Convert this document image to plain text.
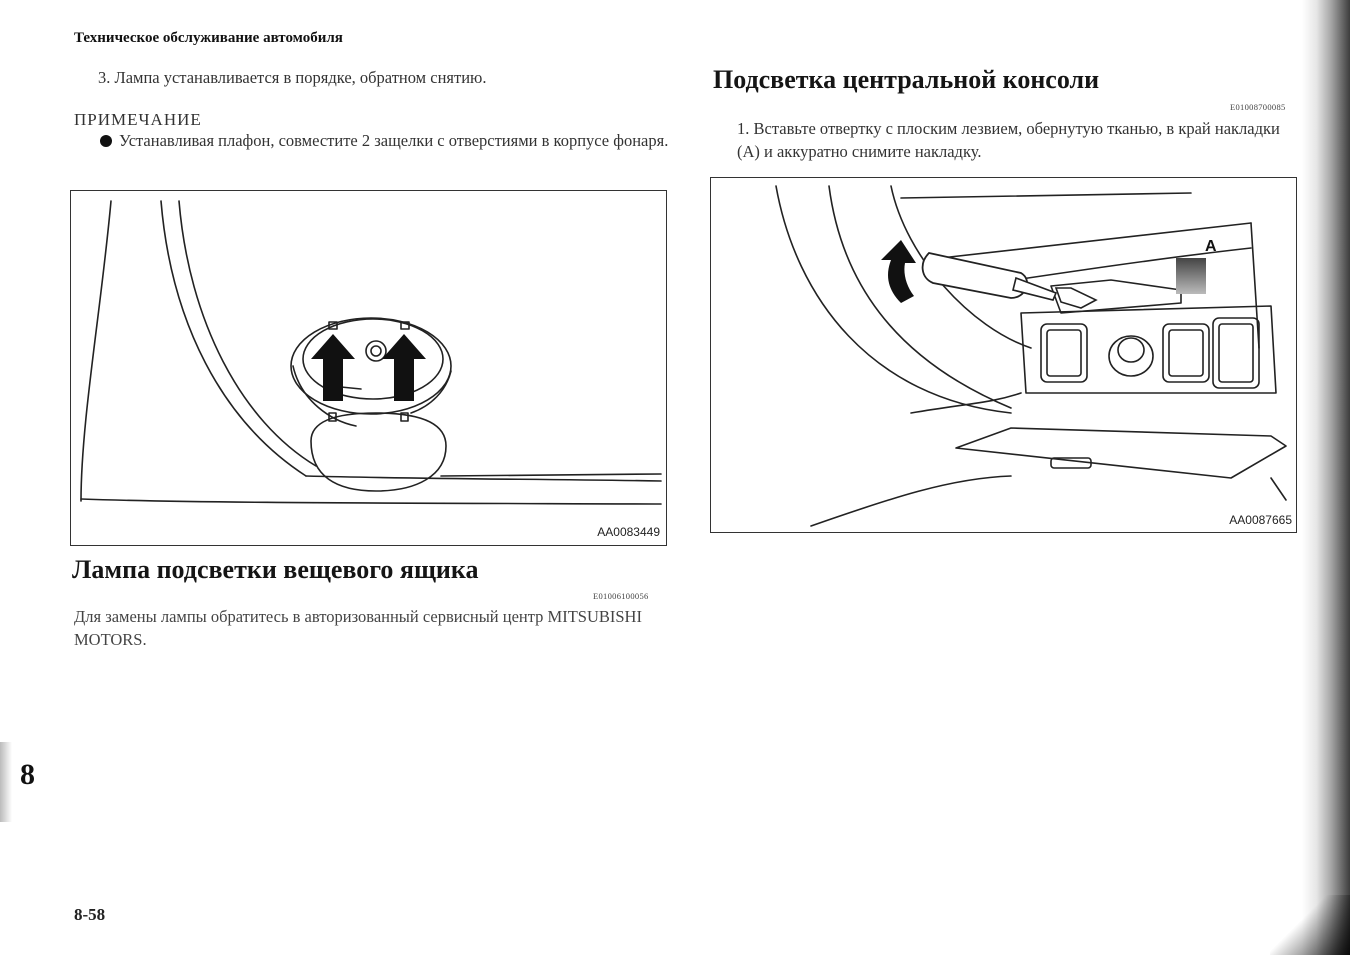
Техническое обслуживание автомобиля
3. Лампа устанавливается в порядке, обратном снятию.
ПРИМЕЧАНИЕ
Устанавливая плафон, совместите 2 защелки с отверстиями в корпусе фонаря.
AA0083449
Лампа подсветки вещевого ящика
E01006100056
Для замены лампы обратитесь в авторизованный сервисный центр MITSUBISHI MOTORS.
Подсветка центральной консоли
E01008700085
1. Вставьте отвертку с плоским лезвием, обернутую тканью, в край накладки (А) и аккуратно снимите накладку.
A
AA0087665
8
8-58
